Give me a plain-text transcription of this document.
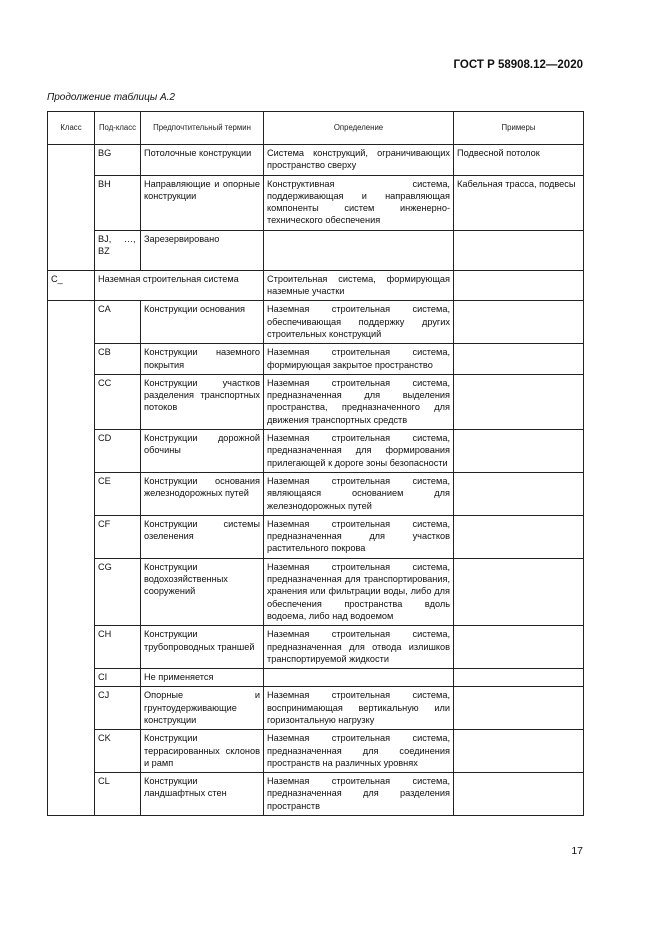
ГОСТ Р 58908.12—2020
Продолжение таблицы А.2
Класс	Под-класс	Предпочтительный термин	Определение	Примеры
	BG	Потолочные конструкции	Система конструкций, ограничивающих пространство сверху	Подвесной потолок
	BH	Направляющие и опорные конструкции	Конструктивная система, поддерживающая и направляющая компоненты систем инженерно-технического обеспечения	Кабельная трасса, подвесы
	BJ, …, BZ	Зарезервировано		
C_	Наземная строительная система		Строительная система, формирующая наземные участки	
	CA	Конструкции основания	Наземная строительная система, обеспечивающая поддержку других строительных конструкций	
	CB	Конструкции наземного покрытия	Наземная строительная система, формирующая закрытое пространство	
	CC	Конструкции участков разделения транспортных потоков	Наземная строительная система, предназначенная для выделения пространства, предназначенного для движения транспортных средств	
	CD	Конструкции дорожной обочины	Наземная строительная система, предназначенная для формирования прилегающей к дороге зоны безопасности	
	CE	Конструкции основания железнодорожных путей	Наземная строительная система, являющаяся основанием для железнодорожных путей	
	CF	Конструкции системы озеленения	Наземная строительная система, предназначенная для участков растительного покрова	
	CG	Конструкции водохозяйственных сооружений	Наземная строительная система, предназначенная для транспортирования, хранения или фильтрации воды, либо для обеспечения пространства вдоль водоема, либо над водоемом	
	CH	Конструкции трубопроводных траншей	Наземная строительная система, предназначенная для отвода излишков транспортируемой жидкости	
	CI	Не применяется		
	CJ	Опорные и грунтоудерживающие конструкции	Наземная строительная система, воспринимающая вертикальную или горизонтальную нагрузку	
	CK	Конструкции террасированных склонов и рамп	Наземная строительная система, предназначенная для соединения пространств на различных уровнях	
	CL	Конструкции ландшафтных стен	Наземная строительная система, предназначенная для разделения пространств	
17
